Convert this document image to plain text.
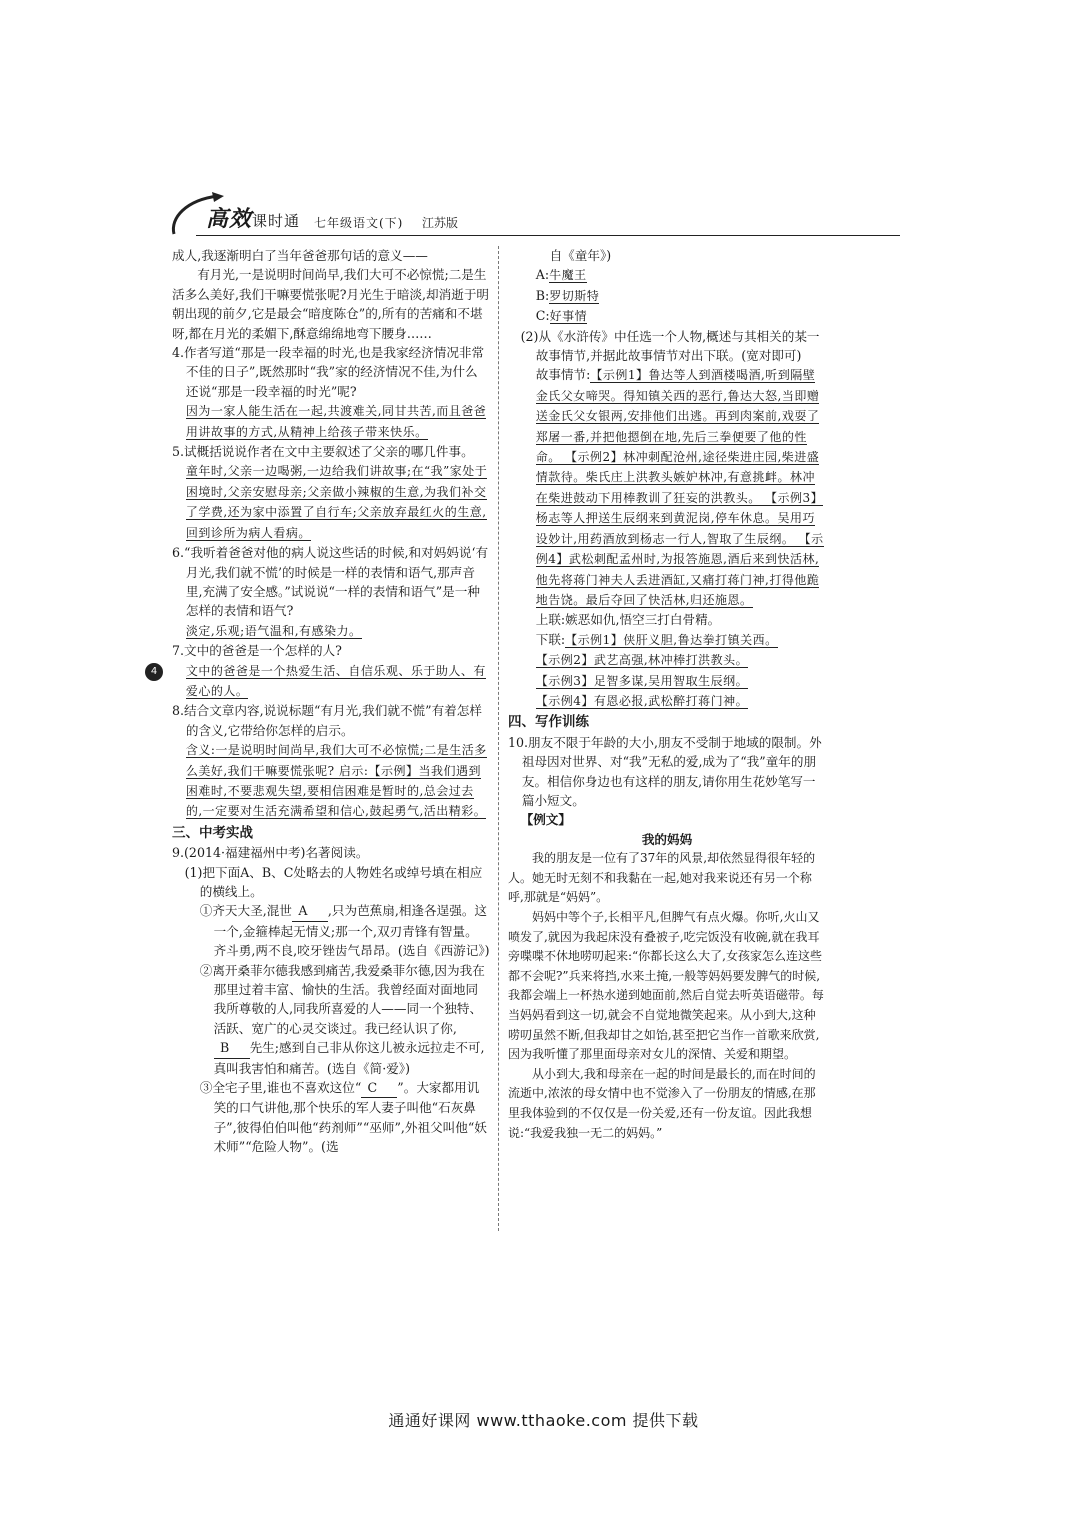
高效课时通 七年级语文(下) 江苏版
4

成人,我逐渐明白了当年爸爸那句话的意义——

有月光,一是说明时间尚早,我们大可不必惊慌;二是生活多么美好,我们干嘛要慌张呢?月光生于暗淡,却消逝于明朝出现的前夕,它是最会“暗度陈仓”的,所有的苦痛和不堪呀,都在月光的柔媚下,酥意绵绵地弯下腰身……

4.作者写道“那是一段幸福的时光,也是我家经济情况非常不佳的日子”,既然那时“我”家的经济情况不佳,为什么还说“那是一段幸福的时光”呢?

因为一家人能生活在一起,共渡难关,同甘共苦,而且爸爸用讲故事的方式,从精神上给孩子带来快乐。

5.试概括说说作者在文中主要叙述了父亲的哪几件事。

童年时,父亲一边喝粥,一边给我们讲故事;在“我”家处于困境时,父亲安慰母亲;父亲做小辣椒的生意,为我们补交了学费,还为家中添置了自行车;父亲放弃最红火的生意,回到诊所为病人看病。

6.“我听着爸爸对他的病人说这些话的时候,和对妈妈说‘有月光,我们就不慌’的时候是一样的表情和语气,那声音里,充满了安全感。”试说说“一样的表情和语气”是一种怎样的表情和语气?

淡定,乐观;语气温和,有感染力。

7.文中的爸爸是一个怎样的人?

文中的爸爸是一个热爱生活、自信乐观、乐于助人、有爱心的人。

8.结合文章内容,说说标题“有月光,我们就不慌”有着怎样的含义,它带给你怎样的启示。

含义:一是说明时间尚早,我们大可不必惊慌;二是生活多么美好,我们干嘛要慌张呢? 启示:【示例】当我们遇到困难时,不要悲观失望,要相信困难是暂时的,总会过去的,一定要对生活充满希望和信心,鼓起勇气,活出精彩。

三、中考实战

9.(2014·福建福州中考)名著阅读。

(1)把下面A、B、C处略去的人物姓名或绰号填在相应的横线上。

①齐天大圣,混世 A ,只为芭蕉扇,相逢各逞强。这一个,金箍棒起无情义;那一个,双刃青锋有智量。齐斗勇,两不良,咬牙锉齿气昂昂。(选自《西游记》)

②离开桑菲尔德我感到痛苦,我爱桑菲尔德,因为我在那里过着丰富、愉快的生活。我曾经面对面地同我所尊敬的人,同我所喜爱的人——同一个独特、活跃、宽广的心灵交谈过。我已经认识了你,B 先生;感到自己非从你这儿被永远拉走不可,真叫我害怕和痛苦。(选自《简·爱》)

③全宅子里,谁也不喜欢这位“ C ”。大家都用讥笑的口气讲他,那个快乐的军人妻子叫他“石灰鼻子”,彼得伯伯叫他“药剂师”“巫师”,外祖父叫他“妖术师”“危险人物”。(选

自《童年》)

A:牛魔王

B:罗切斯特

C:好事情

(2)从《水浒传》中任选一个人物,概述与其相关的某一故事情节,并据此故事情节对出下联。(宽对即可)

故事情节:【示例1】鲁达等人到酒楼喝酒,听到隔壁金氏父女啼哭。得知镇关西的恶行,鲁达大怒,当即赠送金氏父女银两,安排他们出逃。再到肉案前,戏耍了郑屠一番,并把他摁倒在地,先后三拳便要了他的性命。 【示例2】林冲刺配沧州,途径柴进庄园,柴进盛情款待。柴氏庄上洪教头嫉妒林冲,有意挑衅。林冲在柴进鼓动下用棒教训了狂妄的洪教头。 【示例3】杨志等人押送生辰纲来到黄泥岗,停车休息。吴用巧设妙计,用药酒放到杨志一行人,智取了生辰纲。 【示例4】武松刺配孟州时,为报答施恩,酒后来到快活林,他先将蒋门神夫人丢进酒缸,又痛打蒋门神,打得他跪地告饶。最后夺回了快活林,归还施恩。

上联:嫉恶如仇,悟空三打白骨精。

下联:【示例1】侠肝义胆,鲁达拳打镇关西。

【示例2】武艺高强,林冲棒打洪教头。

【示例3】足智多谋,吴用智取生辰纲。

【示例4】有恩必报,武松醉打蒋门神。

四、写作训练

10.朋友不限于年龄的大小,朋友不受制于地域的限制。外祖母因对世界、对“我”无私的爱,成为了“我”童年的朋友。相信你身边也有这样的朋友,请你用生花妙笔写一篇小短文。

【例文】

我的妈妈

我的朋友是一位有了37年的风景,却依然显得很年轻的人。她无时无刻不和我黏在一起,她对我来说还有另一个称呼,那就是“妈妈”。

妈妈中等个子,长相平凡,但脾气有点火爆。你听,火山又喷发了,就因为我起床没有叠被子,吃完饭没有收碗,就在我耳旁喋喋不休地唠叨起来:“你都长这么大了,女孩家怎么连这些都不会呢?”兵来将挡,水来土掩,一般等妈妈要发脾气的时候,我都会端上一杯热水递到她面前,然后自觉去听英语磁带。每当妈妈看到这一切,就会不自觉地微笑起来。从小到大,这种唠叨虽然不断,但我却甘之如饴,甚至把它当作一首歌来欣赏,因为我听懂了那里面母亲对女儿的深情、关爱和期望。

从小到大,我和母亲在一起的时间是最长的,而在时间的流逝中,浓浓的母女情中也不觉渗入了一份朋友的情感,在那里我体验到的不仅仅是一份关爱,还有一份友谊。因此我想说:“我爱我独一无二的妈妈。”

通通好课网 www.tthaoke.com 提供下载
